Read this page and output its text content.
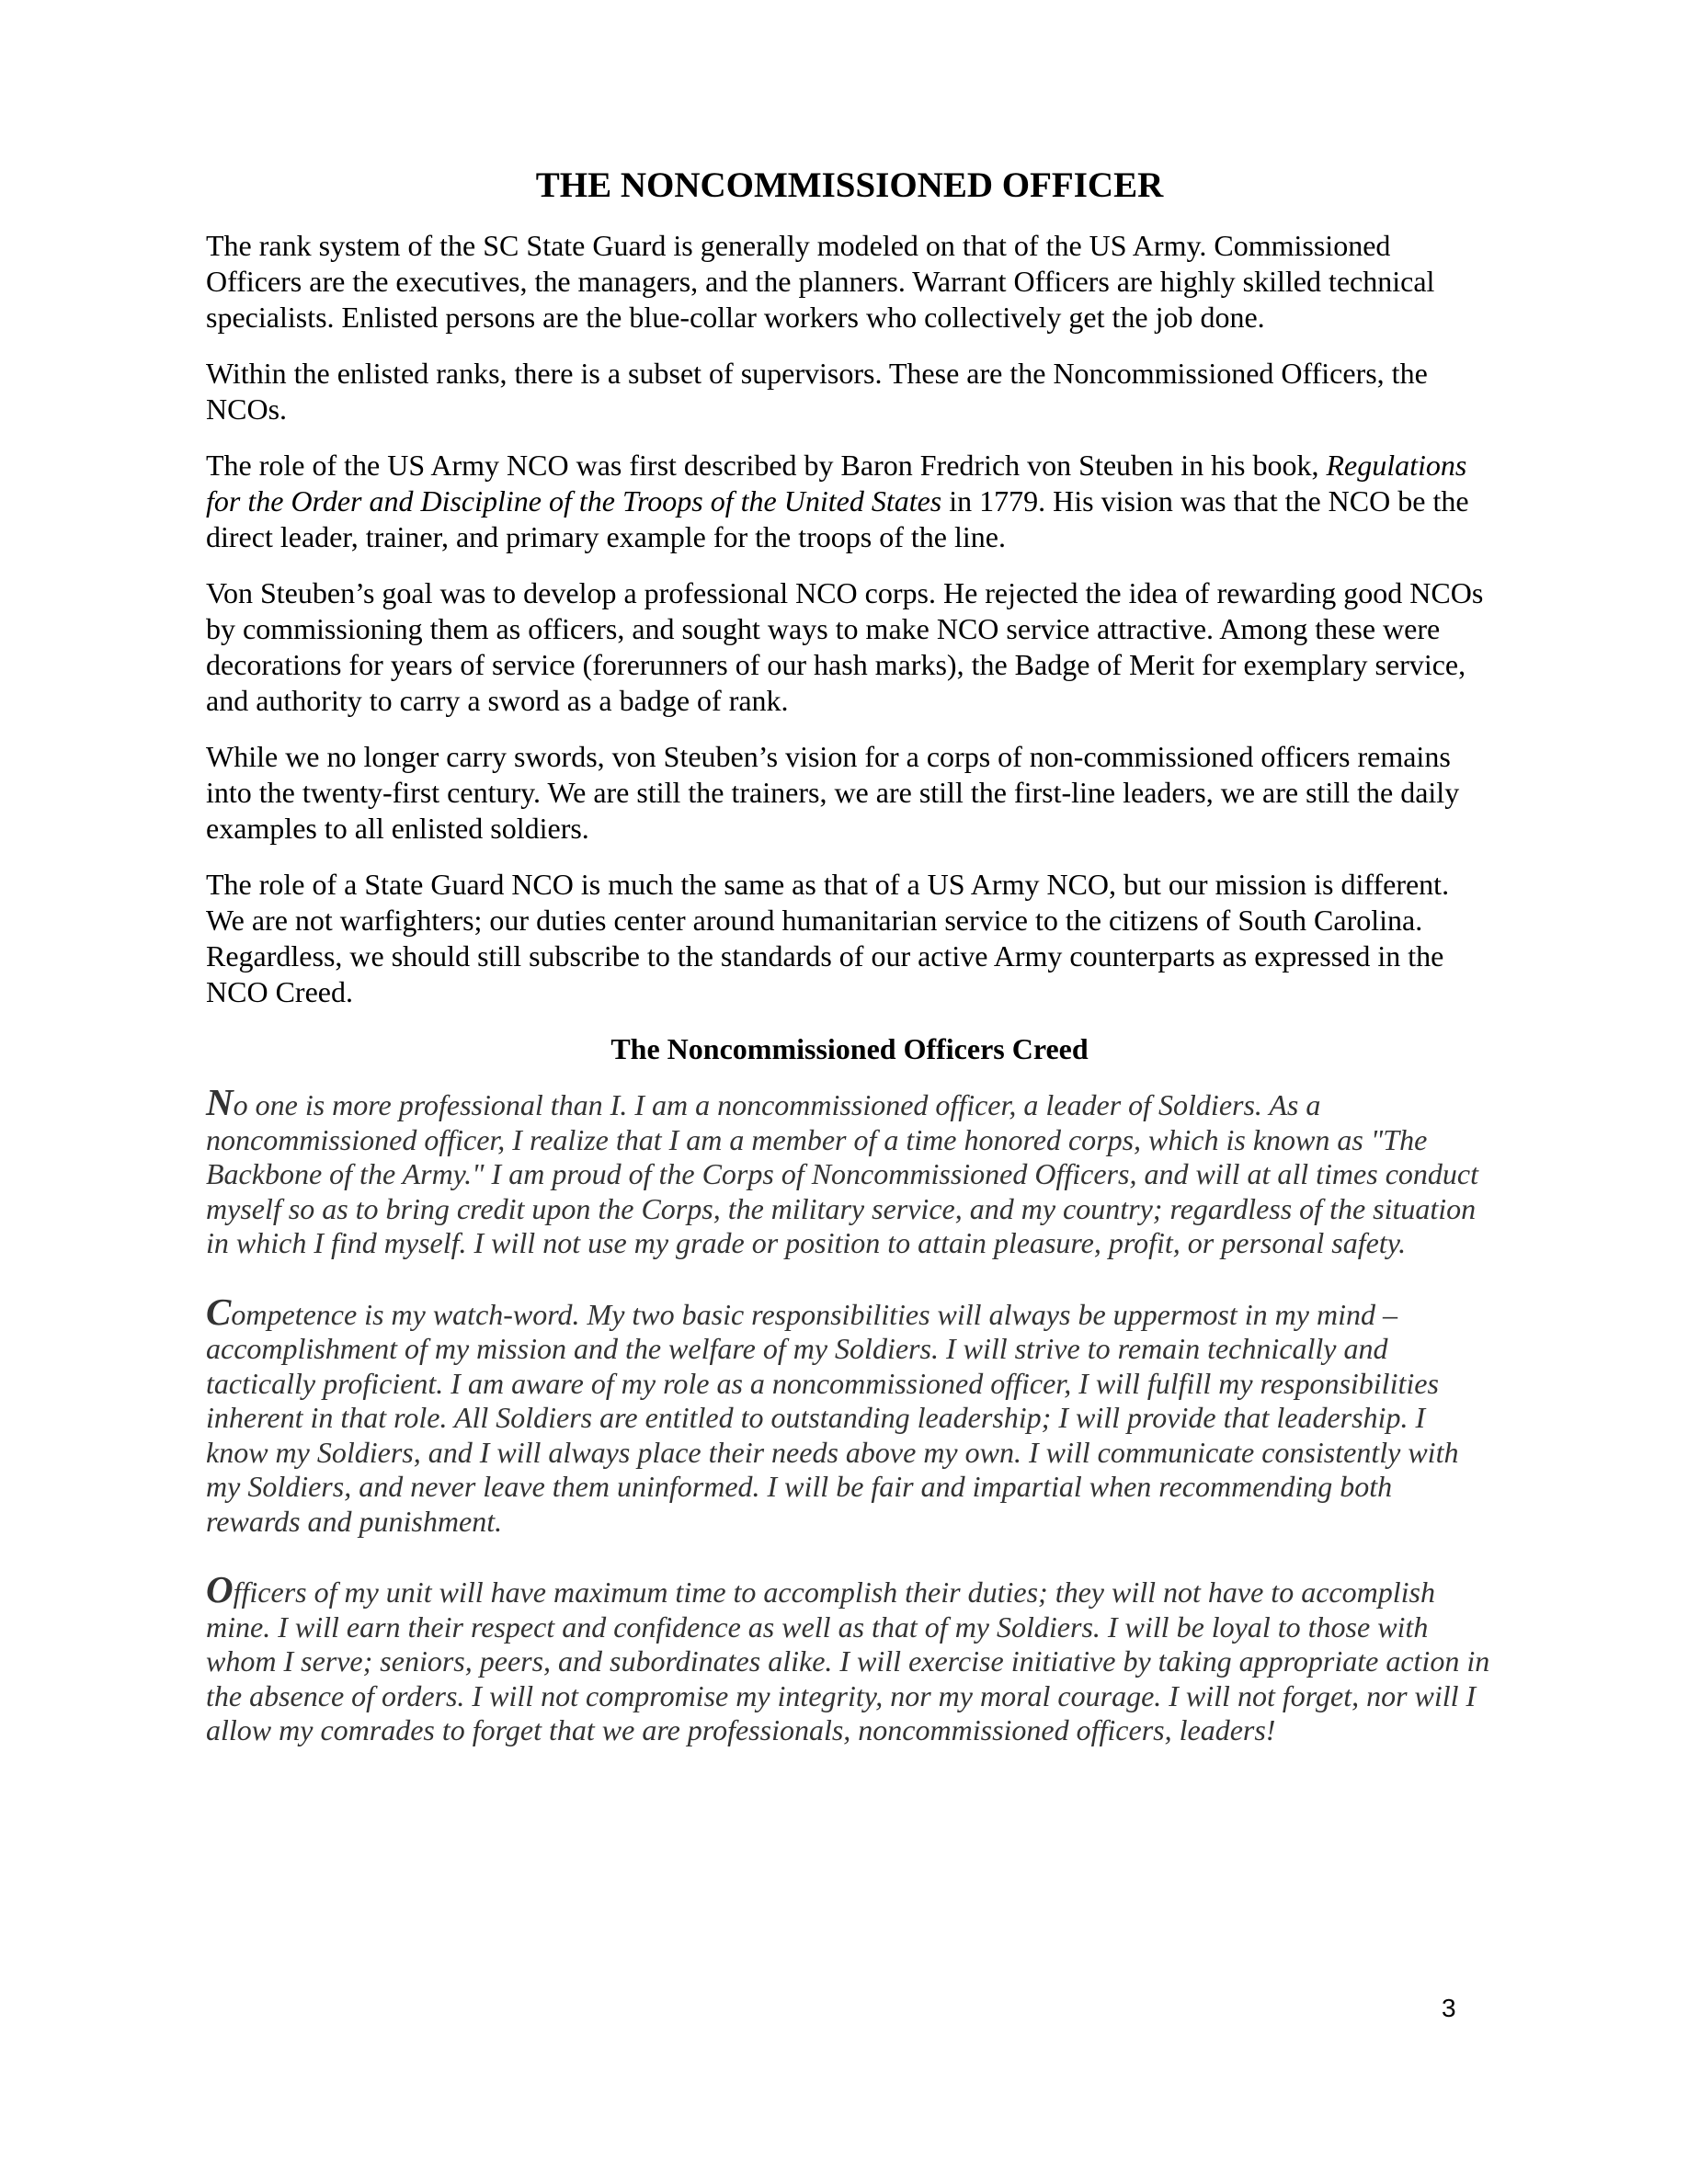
THE NONCOMMISSIONED OFFICER

The rank system of the SC State Guard is generally modeled on that of the US Army. Commissioned Officers are the executives, the managers, and the planners. Warrant Officers are highly skilled technical specialists. Enlisted persons are the blue-collar workers who collectively get the job done.

Within the enlisted ranks, there is a subset of supervisors. These are the Noncommissioned Officers, the NCOs.

The role of the US Army NCO was first described by Baron Fredrich von Steuben in his book, Regulations for the Order and Discipline of the Troops of the United States in 1779. His vision was that the NCO be the direct leader, trainer, and primary example for the troops of the line.

Von Steuben’s goal was to develop a professional NCO corps. He rejected the idea of rewarding good NCOs by commissioning them as officers, and sought ways to make NCO service attractive. Among these were decorations for years of service (forerunners of our hash marks), the Badge of Merit for exemplary service, and authority to carry a sword as a badge of rank.

While we no longer carry swords, von Steuben’s vision for a corps of non-commissioned officers remains into the twenty-first century. We are still the trainers, we are still the first-line leaders, we are still the daily examples to all enlisted soldiers.

The role of a State Guard NCO is much the same as that of a US Army NCO, but our mission is different. We are not warfighters; our duties center around humanitarian service to the citizens of South Carolina. Regardless, we should still subscribe to the standards of our active Army counterparts as expressed in the NCO Creed.

The Noncommissioned Officers Creed

No one is more professional than I. I am a noncommissioned officer, a leader of Soldiers. As a noncommissioned officer, I realize that I am a member of a time honored corps, which is known as "The Backbone of the Army." I am proud of the Corps of Noncommissioned Officers, and will at all times conduct myself so as to bring credit upon the Corps, the military service, and my country; regardless of the situation in which I find myself. I will not use my grade or position to attain pleasure, profit, or personal safety.

Competence is my watch-word. My two basic responsibilities will always be uppermost in my mind – accomplishment of my mission and the welfare of my Soldiers. I will strive to remain technically and tactically proficient. I am aware of my role as a noncommissioned officer, I will fulfill my responsibilities inherent in that role. All Soldiers are entitled to outstanding leadership; I will provide that leadership. I know my Soldiers, and I will always place their needs above my own. I will communicate consistently with my Soldiers, and never leave them uninformed. I will be fair and impartial when recommending both rewards and punishment.

Officers of my unit will have maximum time to accomplish their duties; they will not have to accomplish mine. I will earn their respect and confidence as well as that of my Soldiers. I will be loyal to those with whom I serve; seniors, peers, and subordinates alike. I will exercise initiative by taking appropriate action in the absence of orders. I will not compromise my integrity, nor my moral courage. I will not forget, nor will I allow my comrades to forget that we are professionals, noncommissioned officers, leaders!

3
